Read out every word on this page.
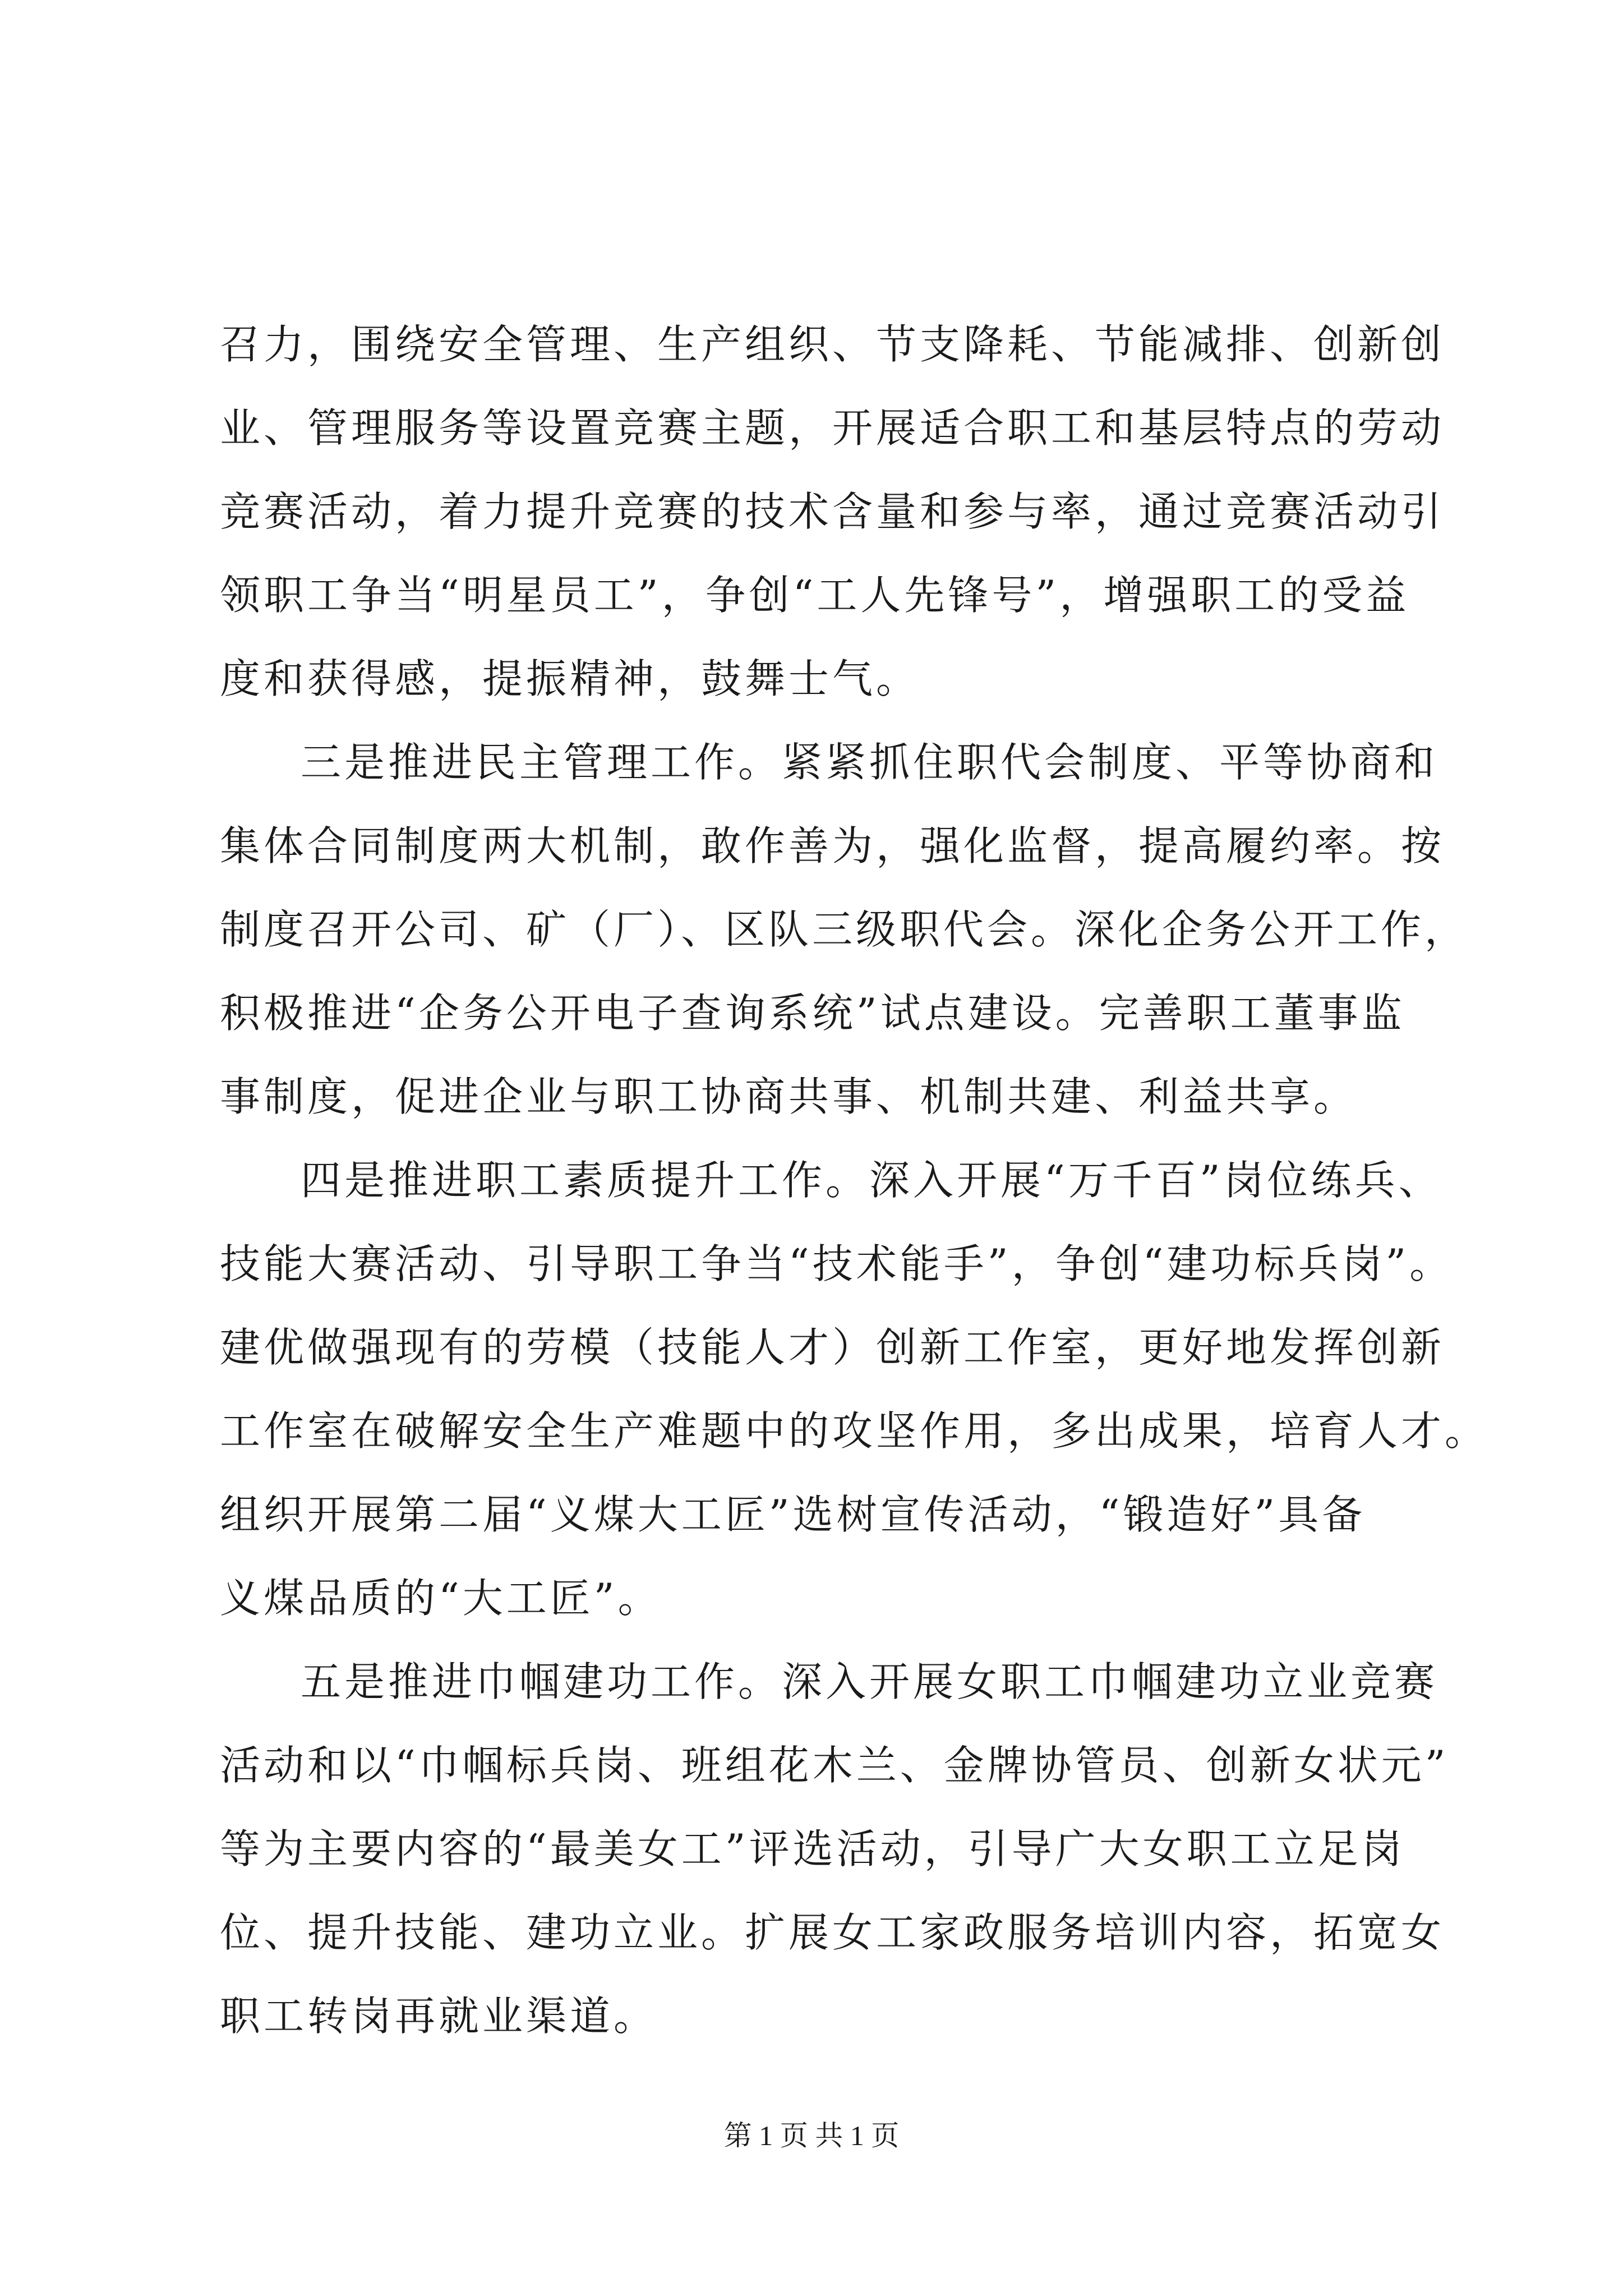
召力，围绕安全管理、生产组织、节支降耗、节能减排、创新创
业、管理服务等设置竞赛主题，开展适合职工和基层特点的劳动
竞赛活动，着力提升竞赛的技术含量和参与率，通过竞赛活动引
领职工争当“明星员工”，争创“工人先锋号”，增强职工的受益
度和获得感，提振精神，鼓舞士气。
三是推进民主管理工作。紧紧抓住职代会制度、平等协商和
集体合同制度两大机制，敢作善为，强化监督，提高履约率。按
制度召开公司、矿（厂）、区队三级职代会。深化企务公开工作，
积极推进“企务公开电子查询系统”试点建设。完善职工董事监
事制度，促进企业与职工协商共事、机制共建、利益共享。
四是推进职工素质提升工作。深入开展“万千百”岗位练兵、
技能大赛活动、引导职工争当“技术能手”，争创“建功标兵岗”。
建优做强现有的劳模（技能人才）创新工作室，更好地发挥创新
工作室在破解安全生产难题中的攻坚作用，多出成果，培育人才。
组织开展第二届“义煤大工匠”选树宣传活动，“锻造好”具备
义煤品质的“大工匠”。
五是推进巾帼建功工作。深入开展女职工巾帼建功立业竞赛
活动和以“巾帼标兵岗、班组花木兰、金牌协管员、创新女状元”
等为主要内容的“最美女工”评选活动，引导广大女职工立足岗
位、提升技能、建功立业。扩展女工家政服务培训内容，拓宽女
职工转岗再就业渠道。
第 1 页 共 1 页
